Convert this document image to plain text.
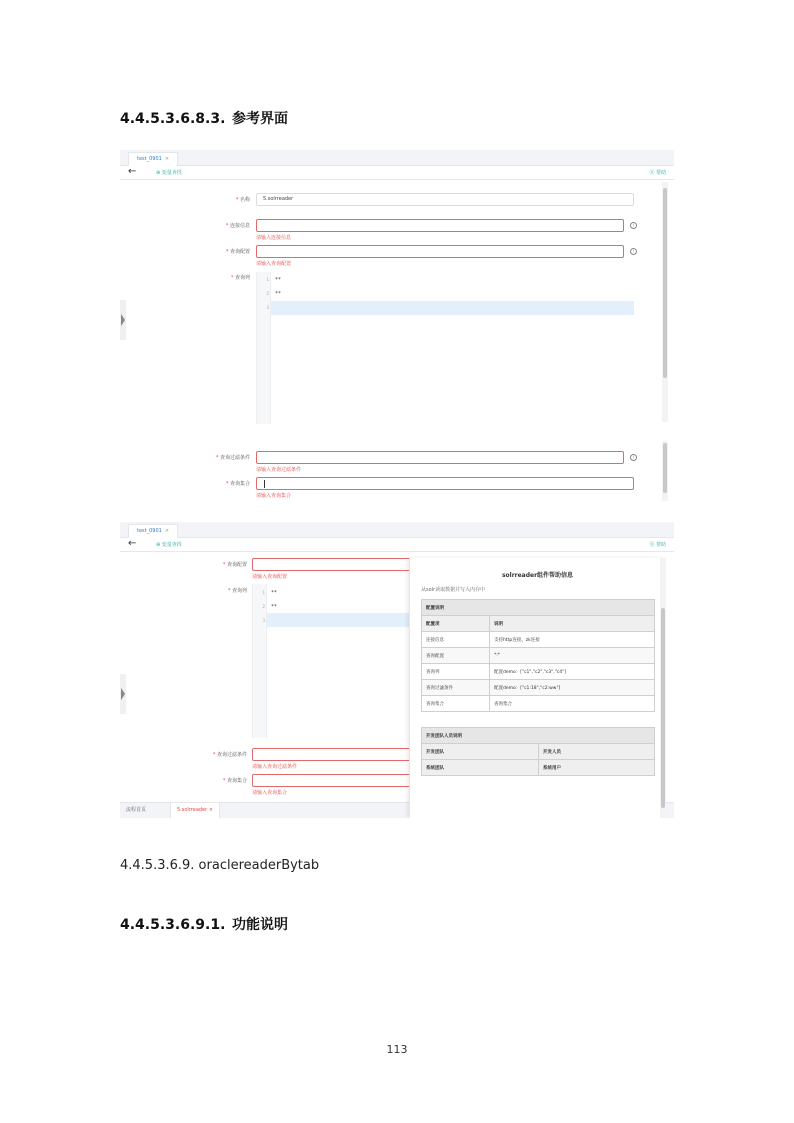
4.4.5.3.6.8.3. 参考界面
test_0901 ×
←	⊕ 变量查找	⓪ 帮助
* 名称	5.solrreader
* 连接信息	!
请输入连接信息
* 查询配置	!
请输入查询配置
* 查询列	1
2
3
**
**
* 查询过滤条件	!
请输入查询过滤条件
* 查询集合
请输入查询集合
test_0901 ×
←	⊕ 变量查找	⓪ 帮助
* 查询配置
请输入查询配置
* 查询列	1
2
3
**
**
* 查询过滤条件
请输入查询过滤条件
* 查询集合
请输入查询集合
流程首页	5.solrreader ×
solrreader组件帮助信息
从solr读取数据并写入内存中
配置说明	
配置项	说明
连接信息	支持http连接、zk连接
查询配置	*:*
查询列	配置demo：["c1","c2","c3","c4"]
查询过滤条件	配置demo：["c1:18","c2:ww"]
查询集合	查询集合
开发团队人员说明	
开发团队	开发人员
系统团队	系统用户
4.4.5.3.6.9. oraclereaderBytab
4.4.5.3.6.9.1. 功能说明
113
